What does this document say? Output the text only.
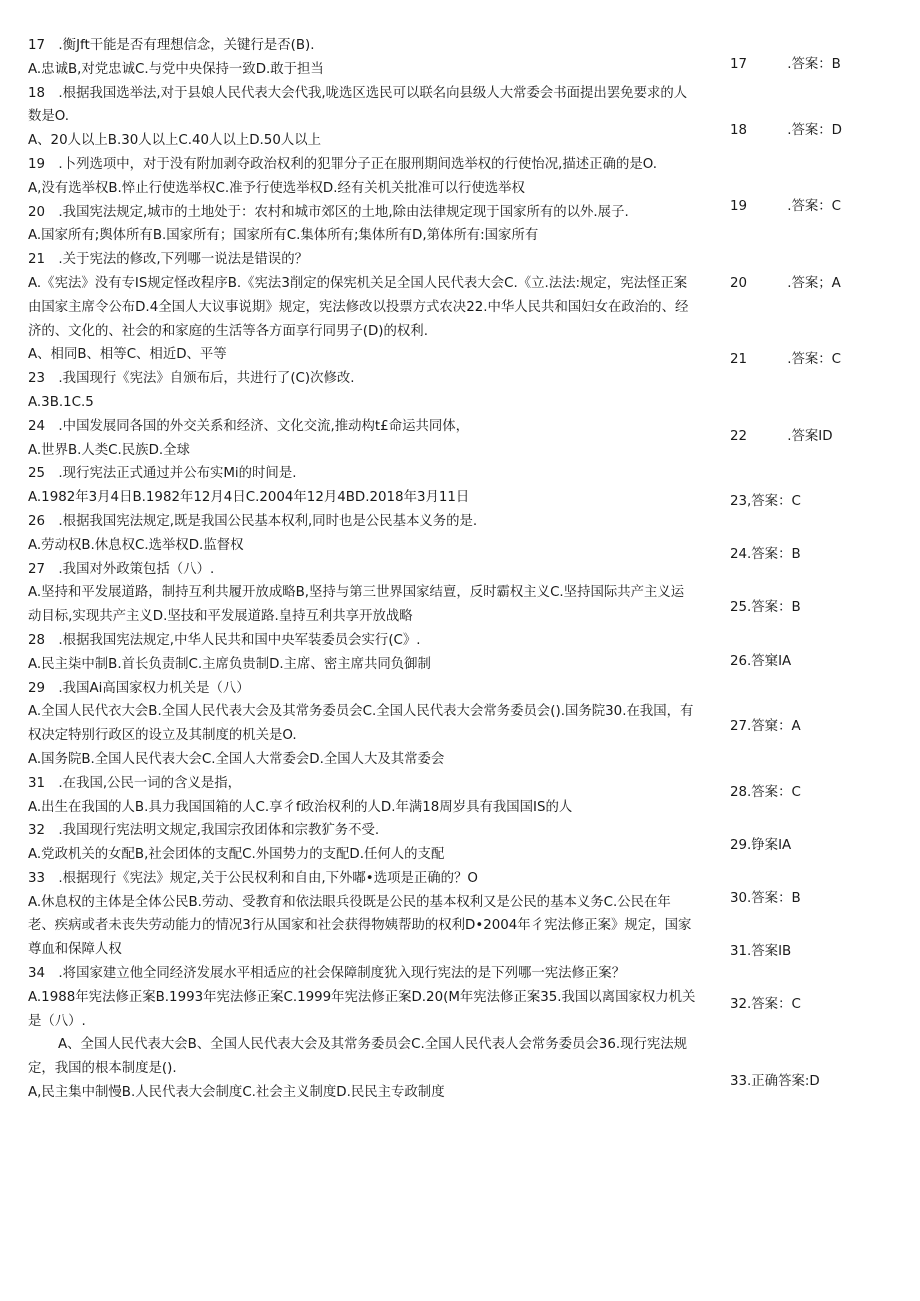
17　.衡Jft干能是否有理想信念，关键行是否(B).
A.忠诚B,对党忠诚C.与党中央保持一致D.敢于担当
18　.根据我国选举法,对于县娘人民代表大会代我,咙选区选民可以联名向县级人大常委会书面提出罢免要求的人
数是O.
A、20人以上B.30人以上C.40人以上D.50人以上
19　.卜列选项中，对于没有附加剥夺政治权利的犯罪分子正在服刑期间选举权的行使怡况,描述正确的是O.
A,没有选举权B.悴止行使选举权C.准予行使选举权D.经有关机关批准可以行使选举权
20　.我国宪法规定,城市的土地处于：农村和城市郊区的土地,除由法律规定现于国家所有的以外.展子.
A.国家所有;舆体所有B.国家所有；国家所有C.集体所有;集体所有D,第体所有:国家所有
21　.关于宪法的修改,下列哪一说法是错误的？
A.《宪法》没有专IS规定怪改程序B.《宪法3削定的保宪机关足全国人民代表大会C.《立.法法:规定，宪法怪正案
由国家主席令公布D.4全国人大议事说期》规定，宪法修改以投票方式农决22.中华人民共和国妇女在政治的、经
济的、文化的、社会的和家庭的生活等各方面享行同男子(D)的权利.
A、相同B、相等C、相近D、平等
23　.我国现行《宪法》自颁布后，共进行了(C)次修改.
A.3B.1C.5
24　.中国发展同各国的外交关系和经济、文化交流,推动构t£命运共同体，
A.世界B.人类C.民族D.全球
25　.现行宪法正式通过并公布实Mi的时间是.
A.1982年3月4日B.1982年12月4日C.2004年12月4BD.2018年3月11日
26　.根据我国宪法规定,既是我国公民基本权利,同时也是公民基本义务的是.
A.劳动权B.休息权C.选举权D.监督权
27　.我国对外政策包括（八）.
A.坚持和平发展道路，制持互利共履开放成略B,坚持与第三世界国家结亶，反时霸权主义C.坚持国际共产主义运
动目标,实现共产主义D.坚技和平发展道路.皇持互利共享开放战略
28　.根据我国宪法规定,中华人民共和国中央军装委员会实行(C》.
A.民主柒中制B.首长负责制C.主席负贵制D.主席、密主席共同负御制
29　.我国Ai高国家权力机关是（八）
A.全国人民代衣大会B.全国人民代表大会及其常务委员会C.全国人民代表大会常务委员会().国务院30.在我国，有
权决定特别行政区的设立及其制度的机关是O.
A.国务院B.全国人民代表大会C.全国人大常委会D.全国人大及其常委会
31　.在我国,公民一词的含义是指，
A.出生在我国的人B.具力我国国箱的人C.享彳f政治权利的人D.年满18周岁具有我国国IS的人
32　.我国现行宪法明文规定,我国宗孜团体和宗教犷务不受.
A.党政机关的女配B,社会团体的支配C.外国势力的支配D.任何人的支配
33　.根据现行《宪法》规定,关于公民权利和自由,下外嘟•选项是正确的？O
A.休息权的主体是全体公民B.劳动、受教育和依法眼兵役既是公民的基本权利又是公民的基本义务C.公民在年
老、疾病或者未丧失劳动能力的情况3行从国家和社会获得物姨帮助的权利D•2004年彳宪法修正案》规定，国家
尊血和保障人权
34　.将国家建立他全同经济发展水平相适应的社会保障制度犹入现行宪法的是下列哪一宪法修正案？
A.1988年宪法修正案B.1993年宪法修正案C.1999年宪法修正案D.20(M年宪法修正案35.我国以离国家权力机关
是（八）.
A、全国人民代表大会B、全国人民代表大会及其常务委员会C.全国人民代表人会常务委员会36.现行宪法规
定，我国的根本制度是().
A,民主集中制慢B.人民代表大会制度C.社会主义制度D.民民主专政制度
17　　　.答案：B
18　　　.答案：D
19　　　.答案：C
20　　　.答案；A
21　　　.答案：C
22　　　.答案ID
23,答案：C
24.答案：B
25.答案：B
26.答窠IA
27.答窠：A
28.答案：C
29.铮案IA
30.答案：B
31.答案IB
32.答案：C
33.正确答案:D
